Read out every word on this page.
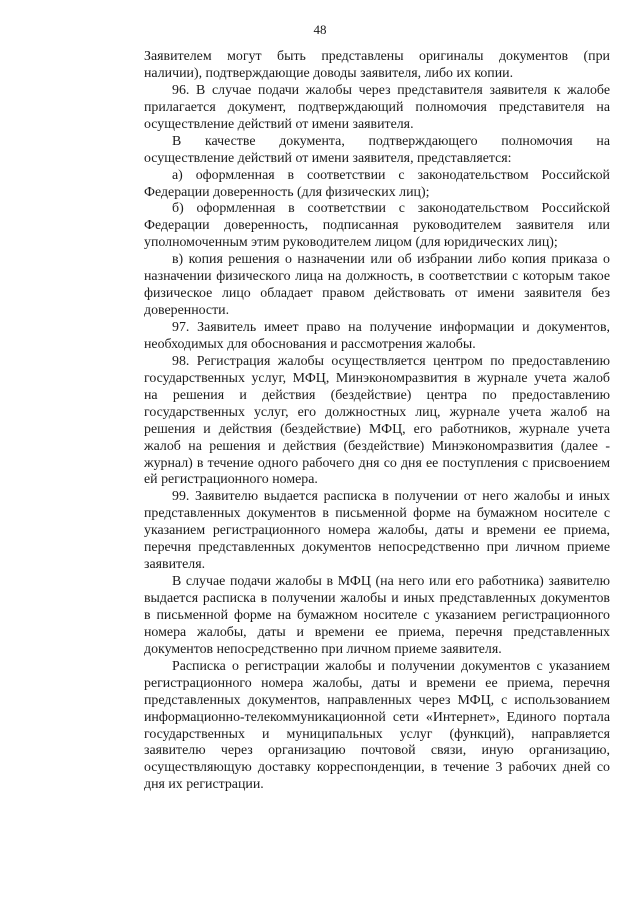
48
Заявителем могут быть представлены оригиналы документов (при
наличии), подтверждающие доводы заявителя, либо их копии.
96. В случае подачи жалобы через представителя заявителя к жалобе
прилагается документ, подтверждающий полномочия представителя на
осуществление действий от имени заявителя.
В качестве документа, подтверждающего полномочия на
осуществление действий от имени заявителя, представляется:
а) оформленная в соответствии с законодательством Российской
Федерации доверенность (для физических лиц);
б) оформленная в соответствии с законодательством Российской
Федерации доверенность, подписанная руководителем заявителя или
уполномоченным этим руководителем лицом (для юридических лиц);
в) копия решения о назначении или об избрании либо копия приказа о
назначении физического лица на должность, в соответствии с которым такое
физическое лицо обладает правом действовать от имени заявителя без
доверенности.
97. Заявитель имеет право на получение информации и документов,
необходимых для обоснования и рассмотрения жалобы.
98. Регистрация жалобы осуществляется центром по предоставлению
государственных услуг, МФЦ, Минэкономразвития в журнале учета жалоб
на решения и действия (бездействие) центра по предоставлению
государственных услуг, его должностных лиц, журнале учета жалоб на
решения и действия (бездействие) МФЦ, его работников, журнале учета
жалоб на решения и действия (бездействие) Минэкономразвития (далее -
журнал) в течение одного рабочего дня со дня ее поступления с присвоением
ей регистрационного номера.
99. Заявителю выдается расписка в получении от него жалобы и иных
представленных документов в письменной форме на бумажном носителе с
указанием регистрационного номера жалобы, даты и времени ее приема,
перечня представленных документов непосредственно при личном приеме
заявителя.
В случае подачи жалобы в МФЦ (на него или его работника) заявителю
выдается расписка в получении жалобы и иных представленных документов
в письменной форме на бумажном носителе с указанием регистрационного
номера жалобы, даты и времени ее приема, перечня представленных
документов непосредственно при личном приеме заявителя.
Расписка о регистрации жалобы и получении документов с указанием
регистрационного номера жалобы, даты и времени ее приема, перечня
представленных документов, направленных через МФЦ, с использованием
информационно-телекоммуникационной сети «Интернет», Единого портала
государственных и муниципальных услуг (функций), направляется
заявителю через организацию почтовой связи, иную организацию,
осуществляющую доставку корреспонденции, в течение 3 рабочих дней со
дня их регистрации.
